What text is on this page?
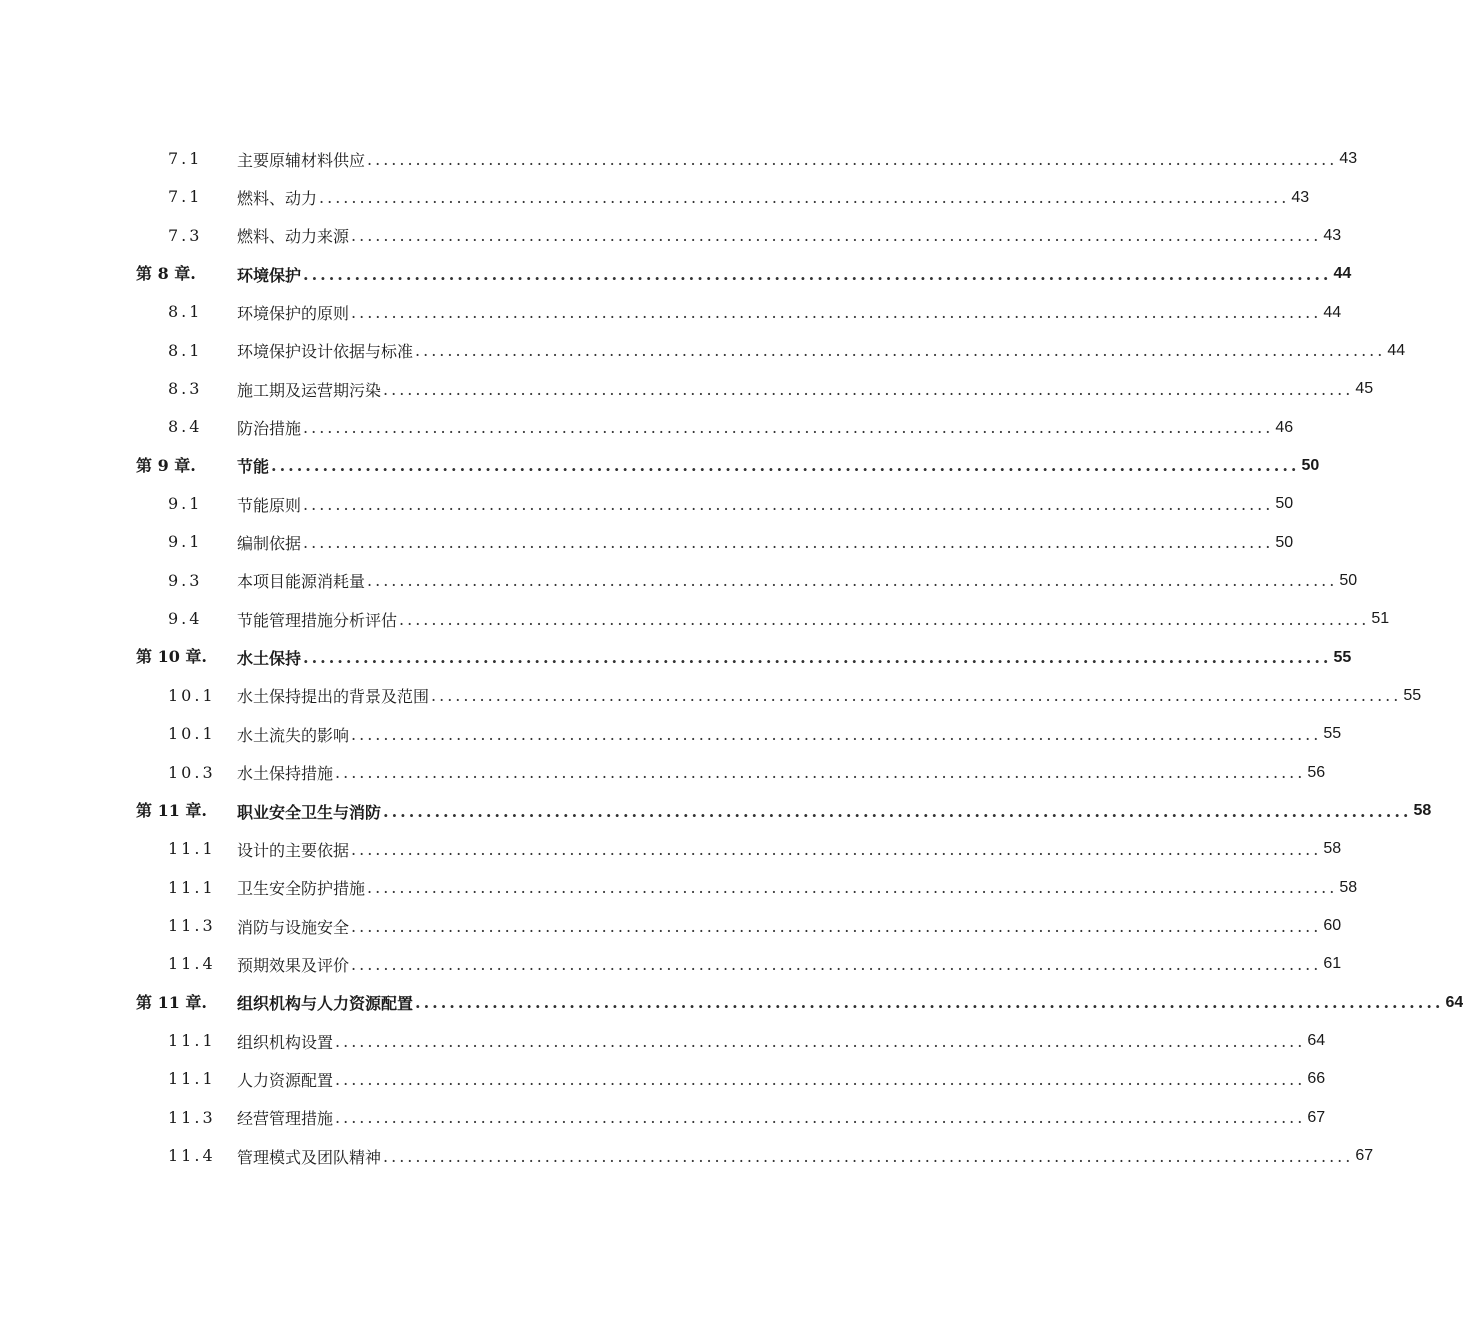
7.1 主要原辅材料供应 ........................................................................................................................ 43
7.1 燃料、动力 ........................................................................................................................ 43
7.3 燃料、动力来源 ........................................................................................................................ 43
第 8 章.	环境保护 ........................................................................................................................ 44
8.1 环境保护的原则 ........................................................................................................................ 44
8.1 环境保护设计依据与标准 ........................................................................................................................ 44
8.3 施工期及运营期污染 ........................................................................................................................ 45
8.4 防治措施 ........................................................................................................................ 46
第 9 章.	节能 ........................................................................................................................ 50
9.1 节能原则 ........................................................................................................................ 50
9.1 编制依据 ........................................................................................................................ 50
9.3 本项目能源消耗量 ........................................................................................................................ 50
9.4 节能管理措施分析评估 ........................................................................................................................ 51
第 10 章. 水土保持 ........................................................................................................................ 55
10.1 水土保持提出的背景及范围 ........................................................................................................................ 55
10.1 水土流失的影响 ........................................................................................................................ 55
10.3 水土保持措施 ........................................................................................................................ 56
第 11 章. 职业安全卫生与消防 ........................................................................................................................ 58
11.1 设计的主要依据 ........................................................................................................................ 58
11.1 卫生安全防护措施 ........................................................................................................................ 58
11.3 消防与设施安全 ........................................................................................................................ 60
11.4 预期效果及评价 ........................................................................................................................ 61
第 11 章. 组织机构与人力资源配置 ........................................................................................................................ 64
11.1 组织机构设置 ........................................................................................................................ 64
11.1 人力资源配置 ........................................................................................................................ 66
11.3 经营管理措施 ........................................................................................................................ 67
11.4 管理模式及团队精神 ........................................................................................................................ 67
